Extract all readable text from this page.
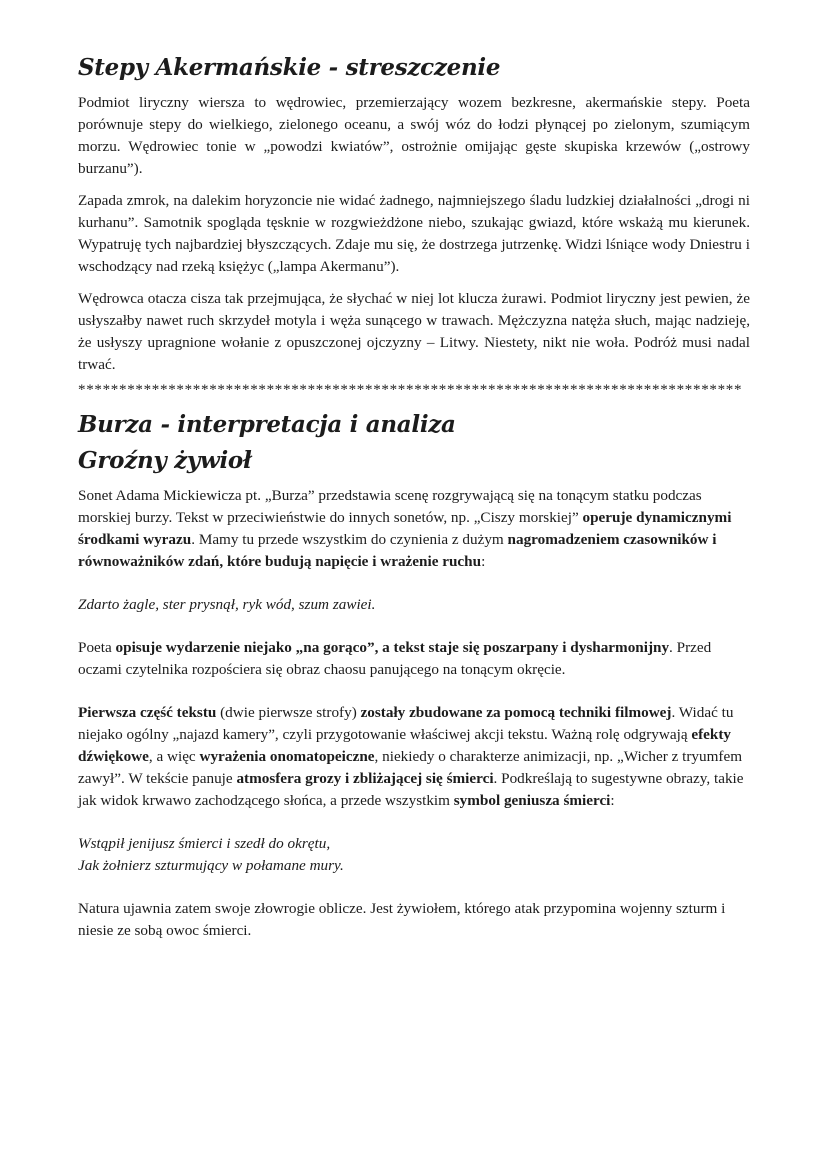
Stepy Akermańskie - streszczenie

Podmiot liryczny wiersza to wędrowiec, przemierzający wozem bezkresne, akermańskie stepy. Poeta porównuje stepy do wielkiego, zielonego oceanu, a swój wóz do łodzi płynącej po zielonym, szumiącym morzu. Wędrowiec tonie w „powodzi kwiatów”, ostrożnie omijając gęste skupiska krzewów („ostrowy burzanu”).

Zapada zmrok, na dalekim horyzoncie nie widać żadnego, najmniejszego śladu ludzkiej działalności „drogi ni kurhanu”. Samotnik spogląda tęsknie w rozgwieżdżone niebo, szukając gwiazd, które wskażą mu kierunek. Wypatruję tych najbardziej błyszczących. Zdaje mu się, że dostrzega jutrzenkę. Widzi lśniące wody Dniestru i wschodzący nad rzeką księżyc („lampa Akermanu”).

Wędrowca otacza cisza tak przejmująca, że słychać w niej lot klucza żurawi. Podmiot liryczny jest pewien, że usłyszałby nawet ruch skrzydeł motyla i węża sunącego w trawach. Mężczyzna natęża słuch, mając nadzieję, że usłyszy upragnione wołanie z opuszczonej ojczyzny – Litwy. Niestety, nikt nie woła. Podróż musi nadal trwać.

*********************************************************************************
Burza - interpretacja i analiza
Groźny żywioł

Sonet Adama Mickiewicza pt. „Burza” przedstawia scenę rozgrywającą się na tonącym statku podczas morskiej burzy. Tekst w przeciwieństwie do innych sonetów, np. „Ciszy morskiej” operuje dynamicznymi środkami wyrazu. Mamy tu przede wszystkim do czynienia z dużym nagromadzeniem czasowników i równoważników zdań, które budują napięcie i wrażenie ruchu:

Zdarto żagle, ster prysnął, ryk wód, szum zawiei.

Poeta opisuje wydarzenie niejako „na gorąco”, a tekst staje się poszarpany i dysharmonijny. Przed oczami czytelnika rozpościera się obraz chaosu panującego na tonącym okręcie.

Pierwsza część tekstu (dwie pierwsze strofy) zostały zbudowane za pomocą techniki filmowej. Widać tu niejako ogólny „najazd kamery”, czyli przygotowanie właściwej akcji tekstu. Ważną rolę odgrywają efekty dźwiękowe, a więc wyrażenia onomatopeiczne, niekiedy o charakterze animizacji, np. „Wicher z tryumfem zawył”. W tekście panuje atmosfera grozy i zbliżającej się śmierci. Podkreślają to sugestywne obrazy, takie jak widok krwawo zachodzącego słońca, a przede wszystkim symbol geniusza śmierci:

Wstąpił jenijusz śmierci i szedł do okrętu,
Jak żołnierz szturmujący w połamane mury.

Natura ujawnia zatem swoje złowrogie oblicze. Jest żywiołem, którego atak przypomina wojenny szturm i niesie ze sobą owoc śmierci.
